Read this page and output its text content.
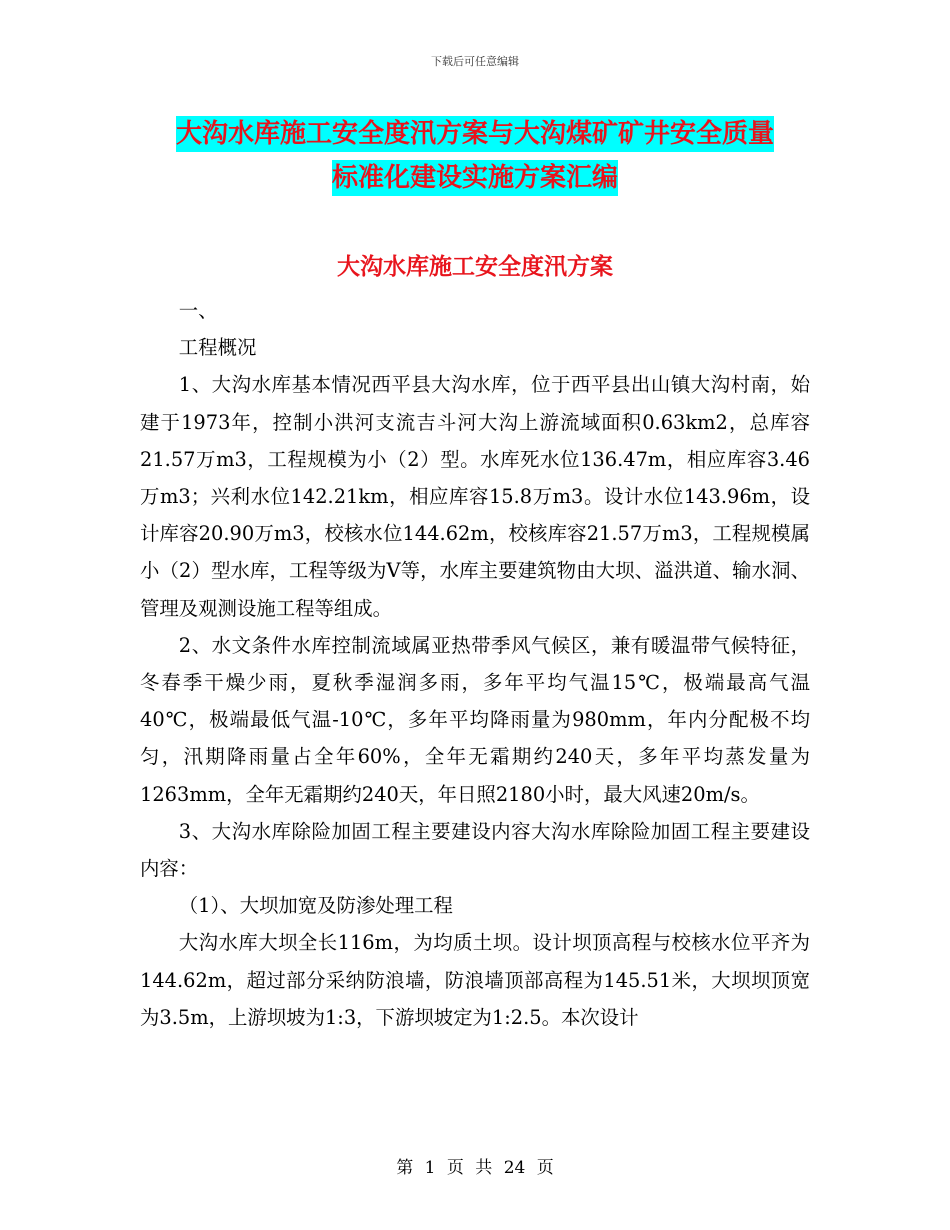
下载后可任意编辑
大沟水库施工安全度汛方案与大沟煤矿矿井安全质量
标准化建设实施方案汇编
大沟水库施工安全度汛方案

一、

工程概况

1、大沟水库基本情况西平县大沟水库，位于西平县出山镇大沟村南，始建于1973年，控制小洪河支流吉斗河大沟上游流域面积0.63km2，总库容21.57万m3，工程规模为小（2）型。水库死水位136.47m，相应库容3.46万m3；兴利水位142.21km，相应库容15.8万m3。设计水位143.96m，设计库容20.90万m3，校核水位144.62m，校核库容21.57万m3，工程规模属小（2）型水库，工程等级为Ⅴ等，水库主要建筑物由大坝、溢洪道、输水洞、管理及观测设施工程等组成。

2、水文条件水库控制流域属亚热带季风气候区，兼有暖温带气候特征，冬春季干燥少雨，夏秋季湿润多雨，多年平均气温15℃，极端最高气温40℃，极端最低气温-10℃，多年平均降雨量为980mm，年内分配极不均匀，汛期降雨量占全年60%，全年无霜期约240天，多年平均蒸发量为1263mm，全年无霜期约240天，年日照2180小时，最大风速20m/s。

3、大沟水库除险加固工程主要建设内容大沟水库除险加固工程主要建设内容：

（1）、大坝加宽及防渗处理工程

大沟水库大坝全长116m，为均质土坝。设计坝顶高程与校核水位平齐为144.62m，超过部分采纳防浪墙，防浪墙顶部高程为145.51米，大坝坝顶宽为3.5m，上游坝坡为1:3，下游坝坡定为1:2.5。本次设计

第 1 页 共 24 页
